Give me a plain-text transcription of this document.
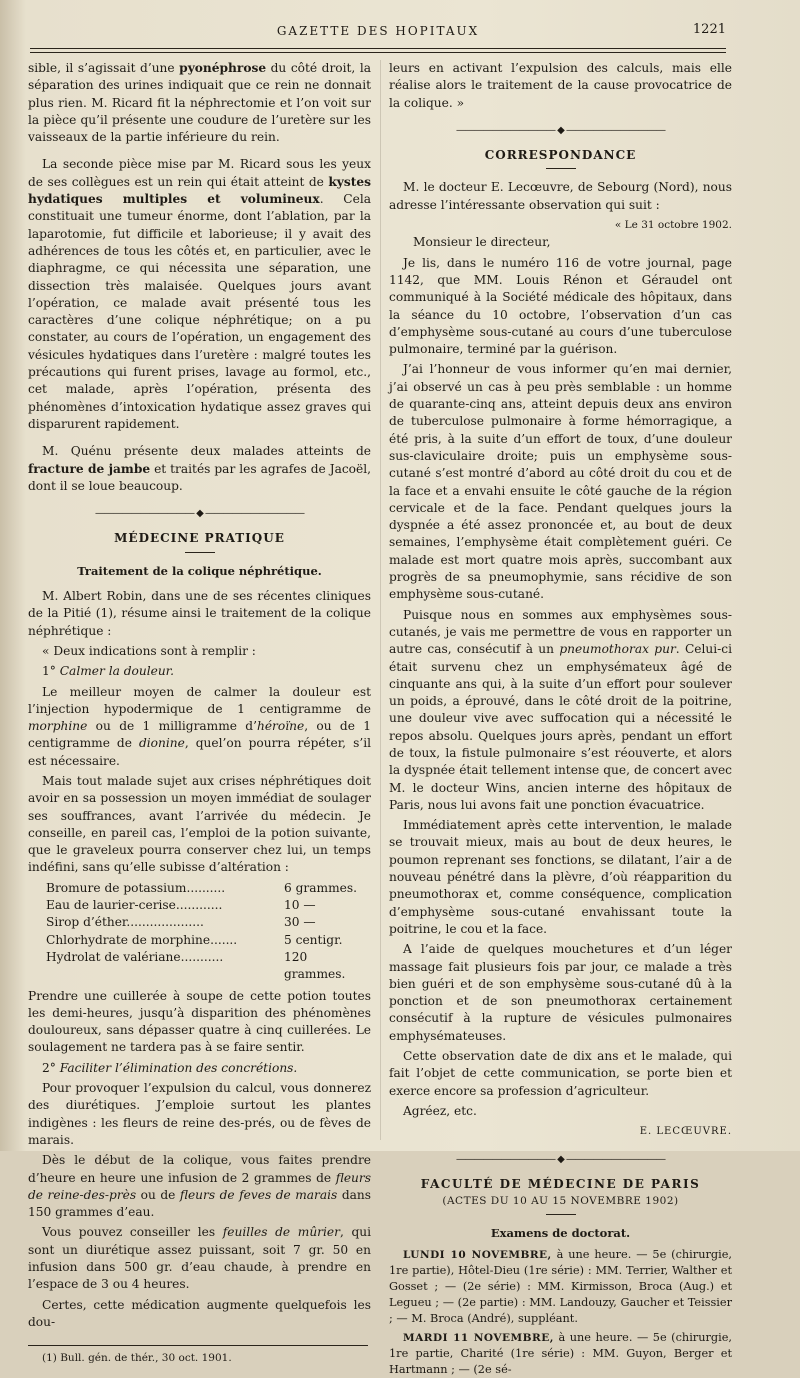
GAZETTE DES HOPITAUX	1221

sible, il s’agissait d’une pyonéphrose du côté droit, la séparation des urines indiquait que ce rein ne donnait plus rien. M. Ricard fit la néphrectomie et l’on voit sur la pièce qu’il présente une coudure de l’uretère sur les vaisseaux de la partie inférieure du rein.

La seconde pièce mise par M. Ricard sous les yeux de ses collègues est un rein qui était atteint de kystes hydatiques multiples et volumineux. Cela constituait une tumeur énorme, dont l’ablation, par la laparotomie, fut difficile et laborieuse; il y avait des adhérences de tous les côtés et, en particulier, avec le diaphragme, ce qui nécessita une séparation, une dissection très malaisée. Quelques jours avant l’opération, ce malade avait présenté tous les caractères d’une colique néphrétique; on a pu constater, au cours de l’opération, un engagement des vésicules hydatiques dans l’uretère : malgré toutes les précautions qui furent prises, lavage au formol, etc., cet malade, après l’opération, présenta des phénomènes d’intoxication hydatique assez graves qui disparurent rapidement.

M. Quénu présente deux malades atteints de fracture de jambe et traités par les agrafes de Jacoël, dont il se loue beaucoup.

——————————— ◆ ———————————
MÉDECINE PRATIQUE
Traitement de la colique néphrétique.

M. Albert Robin, dans une de ses récentes cliniques de la Pitié (1), résume ainsi le traitement de la colique néphrétique :

« Deux indications sont à remplir :

1° Calmer la douleur.

Le meilleur moyen de calmer la douleur est l’injection hypodermique de 1 centigramme de morphine ou de 1 milligramme d’héroïne, ou de 1 centigramme de dionine, quel’on pourra répéter, s’il est nécessaire.

Mais tout malade sujet aux crises néphrétiques doit avoir en sa possession un moyen immédiat de soulager ses souffrances, avant l’arrivée du médecin. Je conseille, en pareil cas, l’emploi de la potion suivante, que le graveleux pourra conserver chez lui, un temps indéfini, sans qu’elle subisse d’altération :

Bromure de potassium..........	6 grammes.
Eau de laurier-cerise............	10 —
Sirop d’éther....................	30 —
Chlorhydrate de morphine.......	5 centigr.
Hydrolat de valériane...........	120 grammes.

Prendre une cuillerée à soupe de cette potion toutes les demi-heures, jusqu’à disparition des phénomènes douloureux, sans dépasser quatre à cinq cuillerées. Le soulagement ne tardera pas à se faire sentir.

2° Faciliter l’élimination des concrétions.

Pour provoquer l’expulsion du calcul, vous donnerez des diurétiques. J’emploie surtout les plantes indigènes : les fleurs de reine des-prés, ou de fèves de marais.

Dès le début de la colique, vous faites prendre d’heure en heure une infusion de 2 grammes de fleurs de reine-des-près ou de fleurs de feves de marais dans 150 grammes d’eau.

Vous pouvez conseiller les feuilles de mûrier, qui sont un diurétique assez puissant, soit 7 gr. 50 en infusion dans 500 gr. d’eau chaude, à prendre en l’espace de 3 ou 4 heures.

Certes, cette médication augmente quelquefois les dou-

(1) Bull. gén. de thér., 30 oct. 1901.

leurs en activant l’expulsion des calculs, mais elle réalise alors le traitement de la cause provocatrice de la colique. »

——————————— ◆ ———————————
CORRESPONDANCE

M. le docteur E. Lecœuvre, de Sebourg (Nord), nous adresse l’intéressante observation qui suit :

« Le 31 octobre 1902.

Monsieur le directeur,

Je lis, dans le numéro 116 de votre journal, page 1142, que MM. Louis Rénon et Géraudel ont communiqué à la Société médicale des hôpitaux, dans la séance du 10 octobre, l’observation d’un cas d’emphysème sous-cutané au cours d’une tuberculose pulmonaire, terminé par la guérison.

J’ai l’honneur de vous informer qu’en mai dernier, j’ai observé un cas à peu près semblable : un homme de quarante-cinq ans, atteint depuis deux ans environ de tuberculose pulmonaire à forme hémorragique, a été pris, à la suite d’un effort de toux, d’une douleur sus-claviculaire droite; puis un emphysème sous-cutané s’est montré d’abord au côté droit du cou et de la face et a envahi ensuite le côté gauche de la région cervicale et de la face. Pendant quelques jours la dyspnée a été assez prononcée et, au bout de deux semaines, l’emphysème était complètement guéri. Ce malade est mort quatre mois après, succombant aux progrès de sa pneumophymie, sans récidive de son emphysème sous-cutané.

Puisque nous en sommes aux emphysèmes sous-cutanés, je vais me permettre de vous en rapporter un autre cas, consécutif à un pneumothorax pur. Celui-ci était survenu chez un emphysémateux âgé de cinquante ans qui, à la suite d’un effort pour soulever un poids, a éprouvé, dans le côté droit de la poitrine, une douleur vive avec suffocation qui a nécessité le repos absolu. Quelques jours après, pendant un effort de toux, la fistule pulmonaire s’est réouverte, et alors la dyspnée était tellement intense que, de concert avec M. le docteur Wins, ancien interne des hôpitaux de Paris, nous lui avons fait une ponction évacuatrice.

Immédiatement après cette intervention, le malade se trouvait mieux, mais au bout de deux heures, le poumon reprenant ses fonctions, se dilatant, l’air a de nouveau pénétré dans la plèvre, d’où réapparition du pneumothorax et, comme conséquence, complication d’emphysème sous-cutané envahissant toute la poitrine, le cou et la face.

A l’aide de quelques mouchetures et d’un léger massage fait plusieurs fois par jour, ce malade a très bien guéri et de son emphysème sous-cutané dû à la ponction et de son pneumothorax certainement consécutif à la rupture de vésicules pulmonaires emphysémateuses.

Cette observation date de dix ans et le malade, qui fait l’objet de cette communication, se porte bien et exerce encore sa profession d’agriculteur.

Agréez, etc.

E. LECŒUVRE.
——————————— ◆ ———————————
FACULTÉ DE MÉDECINE DE PARIS
(ACTES DU 10 AU 15 NOVEMBRE 1902)
Examens de doctorat.

LUNDI 10 NOVEMBRE, à une heure. — 5e (chirurgie, 1re partie), Hôtel-Dieu (1re série) : MM. Terrier, Walther et Gosset ; — (2e série) : MM. Kirmisson, Broca (Aug.) et Legueu ; — (2e partie) : MM. Landouzy, Gaucher et Teissier ; — M. Broca (André), suppléant.

MARDI 11 NOVEMBRE, à une heure. — 5e (chirurgie, 1re partie, Charité (1re série) : MM. Guyon, Berger et Hartmann ; — (2e sé-
